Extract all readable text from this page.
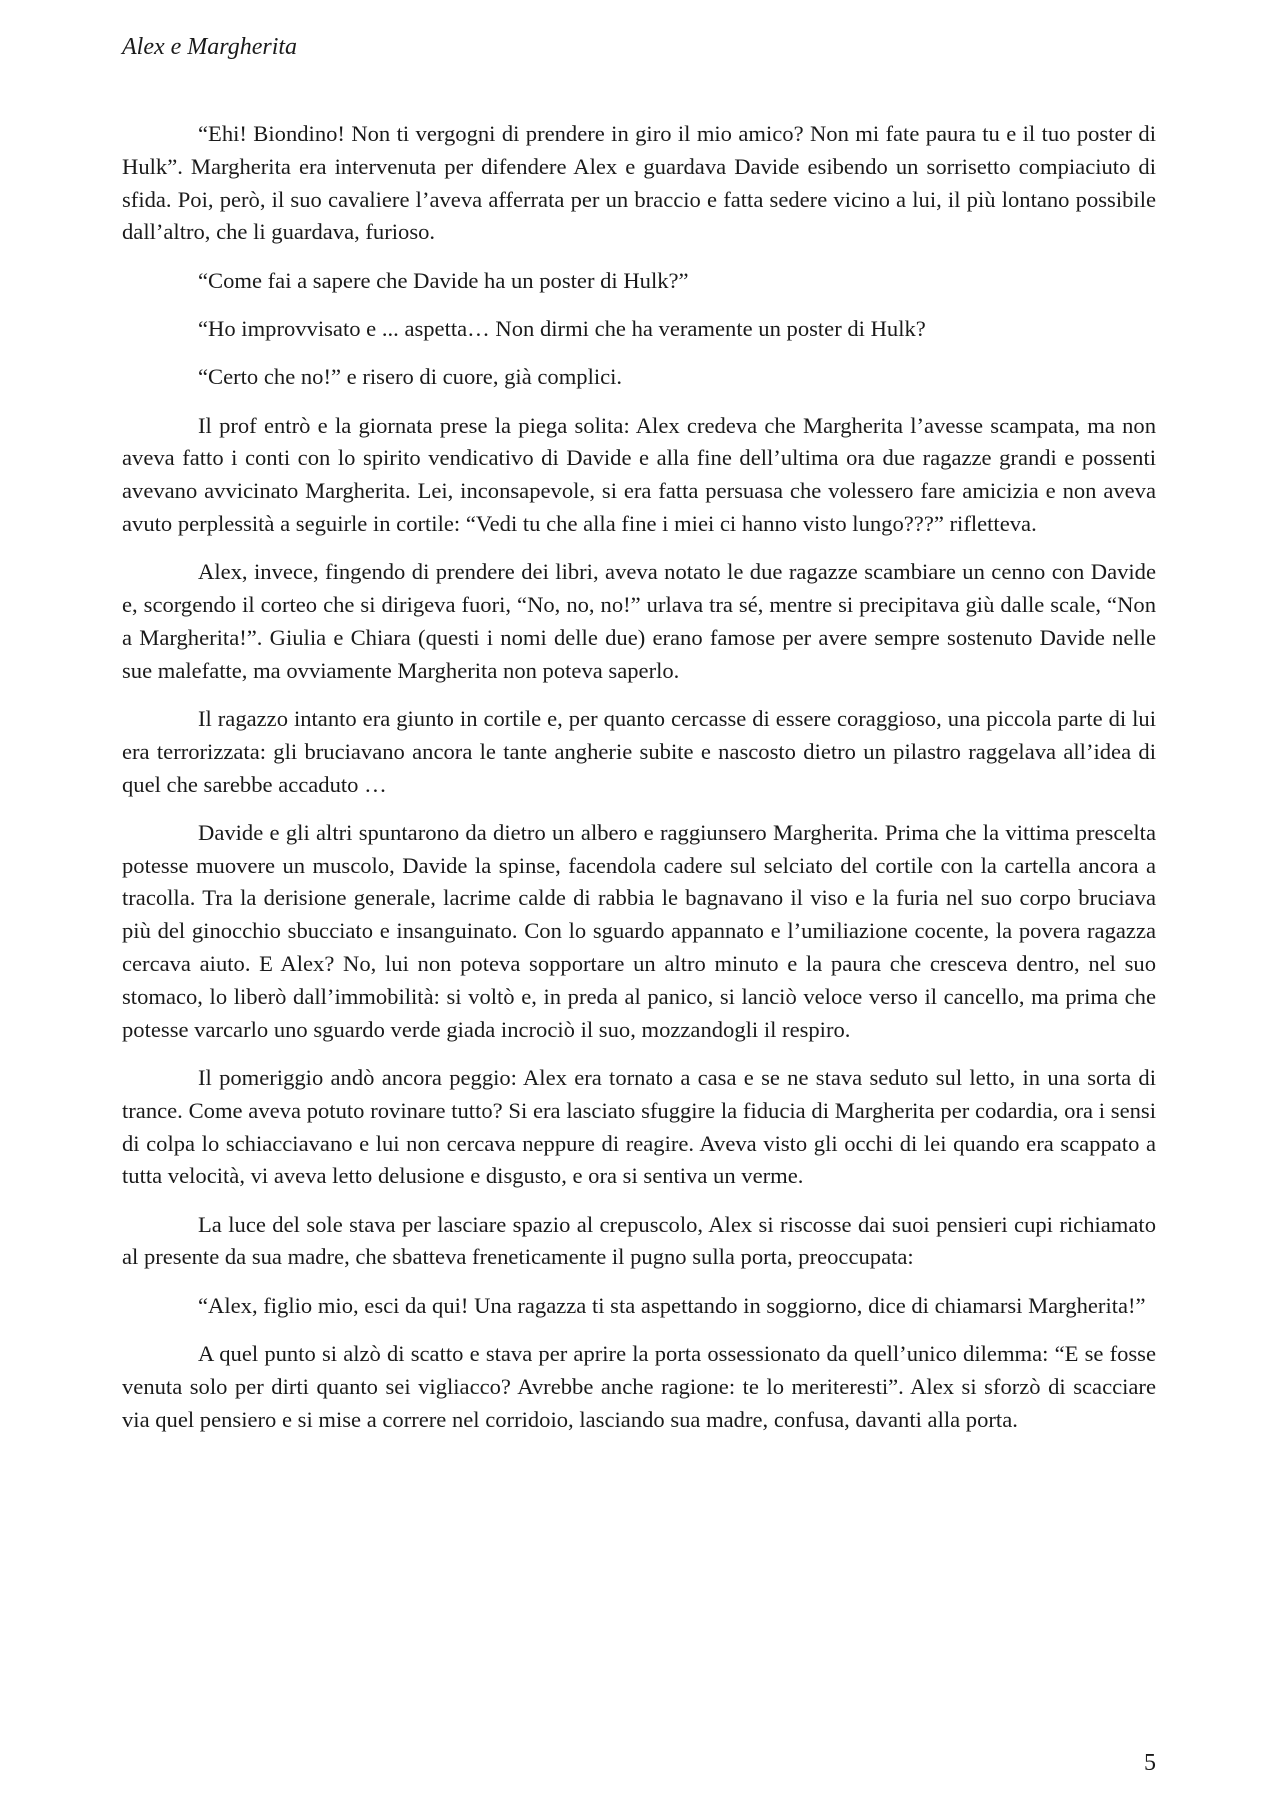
Alex e Margherita

“Ehi! Biondino! Non ti vergogni di prendere in giro il mio amico? Non mi fate paura tu e il tuo poster di Hulk”. Margherita era intervenuta per difendere Alex e guardava Davide esibendo un sorrisetto compiaciuto di sfida. Poi, però, il suo cavaliere l’aveva afferrata per un braccio e fatta sedere vicino a lui, il più lontano possibile dall’altro, che li guardava, furioso.

“Come fai a sapere che Davide ha un poster di Hulk?”

“Ho improvvisato e ... aspetta… Non dirmi che ha veramente un poster di Hulk?

“Certo che no!” e risero di cuore, già complici.

Il prof entrò e la giornata prese la piega solita: Alex credeva che Margherita l’avesse scampata, ma non aveva fatto i conti con lo spirito vendicativo di Davide e alla fine dell’ultima ora due ragazze grandi e possenti avevano avvicinato Margherita. Lei, inconsapevole, si era fatta persuasa che volessero fare amicizia e non aveva avuto perplessità a seguirle in cortile: “Vedi tu che alla fine i miei ci hanno visto lungo???” rifletteva.

Alex, invece, fingendo di prendere dei libri, aveva notato le due ragazze scambiare un cenno con Davide e, scorgendo il corteo che si dirigeva fuori, “No, no, no!” urlava tra sé, mentre si precipitava giù dalle scale, “Non a Margherita!”. Giulia e Chiara (questi i nomi delle due) erano famose per avere sempre sostenuto Davide nelle sue malefatte, ma ovviamente Margherita non poteva saperlo.

Il ragazzo intanto era giunto in cortile e, per quanto cercasse di essere coraggioso, una piccola parte di lui era terrorizzata: gli bruciavano ancora le tante angherie subite e nascosto dietro un pilastro raggelava all’idea di quel che sarebbe accaduto …

Davide e gli altri spuntarono da dietro un albero e raggiunsero Margherita. Prima che la vittima prescelta potesse muovere un muscolo, Davide la spinse, facendola cadere sul selciato del cortile con la cartella ancora a tracolla. Tra la derisione generale, lacrime calde di rabbia le bagnavano il viso e la furia nel suo corpo bruciava più del ginocchio sbucciato e insanguinato. Con lo sguardo appannato e l’umiliazione cocente, la povera ragazza cercava aiuto. E Alex? No, lui non poteva sopportare un altro minuto e la paura che cresceva dentro, nel suo stomaco, lo liberò dall’immobilità: si voltò e, in preda al panico, si lanciò veloce verso il cancello, ma prima che potesse varcarlo uno sguardo verde giada incrociò il suo, mozzandogli il respiro.

Il pomeriggio andò ancora peggio: Alex era tornato a casa e se ne stava seduto sul letto, in una sorta di trance. Come aveva potuto rovinare tutto? Si era lasciato sfuggire la fiducia di Margherita per codardia, ora i sensi di colpa lo schiacciavano e lui non cercava neppure di reagire. Aveva visto gli occhi di lei quando era scappato a tutta velocità, vi aveva letto delusione e disgusto, e ora si sentiva un verme.

La luce del sole stava per lasciare spazio al crepuscolo, Alex si riscosse dai suoi pensieri cupi richiamato al presente da sua madre, che sbatteva freneticamente il pugno sulla porta, preoccupata:

“Alex, figlio mio, esci da qui! Una ragazza ti sta aspettando in soggiorno, dice di chiamarsi Margherita!”

A quel punto si alzò di scatto e stava per aprire la porta ossessionato da quell’unico dilemma: “E se fosse venuta solo per dirti quanto sei vigliacco? Avrebbe anche ragione: te lo meriteresti”. Alex si sforzò di scacciare via quel pensiero e si mise a correre nel corridoio, lasciando sua madre, confusa, davanti alla porta.

5
